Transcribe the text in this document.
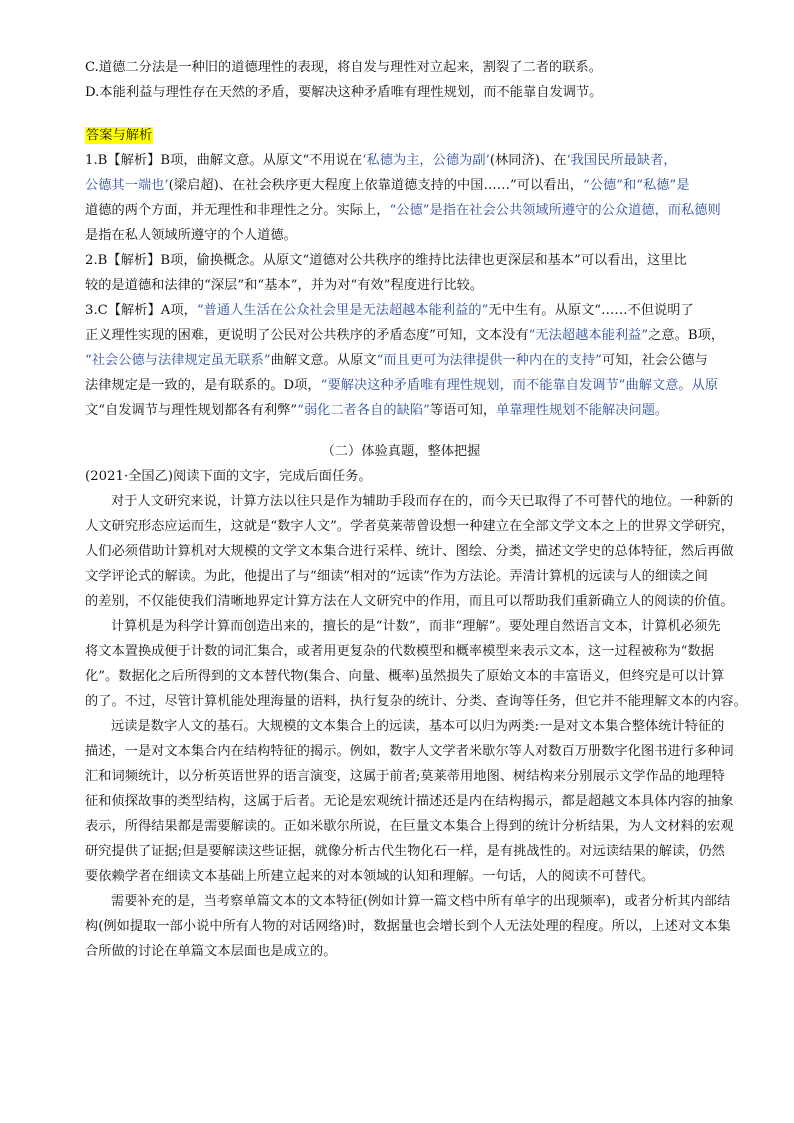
C.道德二分法是一种旧的道德理性的表现，将自发与理性对立起来，割裂了二者的联系。
D.本能利益与理性存在天然的矛盾，要解决这种矛盾唯有理性规划，而不能靠自发调节。
答案与解析
1.B【解析】B项，曲解文意。从原文“不用说在‘私德为主，公德为副’(林同济)、在‘我国民所最缺者，
公德其一端也’(梁启超)、在社会秩序更大程度上依靠道德支持的中国……”可以看出，“公德”和“私德”是
道德的两个方面，并无理性和非理性之分。实际上，“公德”是指在社会公共领域所遵守的公众道德，而私德则
是指在私人领域所遵守的个人道德。
2.B【解析】B项，偷换概念。从原文“道德对公共秩序的维持比法律也更深层和基本”可以看出，这里比
较的是道德和法律的“深层”和“基本”，并为对“有效”程度进行比较。
3.C【解析】A项，“普通人生活在公众社会里是无法超越本能利益的”无中生有。从原文“……不但说明了
正义理性实现的困难，更说明了公民对公共秩序的矛盾态度”可知，文本没有“无法超越本能利益”之意。B项，
“社会公德与法律规定虽无联系”曲解文意。从原文“而且更可为法律提供一种内在的支持”可知，社会公德与
法律规定是一致的，是有联系的。D项，“要解决这种矛盾唯有理性规划，而不能靠自发调节”曲解文意。从原
文“自发调节与理性规划都各有利弊”“弱化二者各自的缺陷”等语可知，单靠理性规划不能解决问题。
（二）体验真题，整体把握
(2021·全国乙)阅读下面的文字，完成后面任务。
对于人文研究来说，计算方法以往只是作为辅助手段而存在的，而今天已取得了不可替代的地位。一种新的
人文研究形态应运而生，这就是“数字人文”。学者莫莱蒂曾设想一种建立在全部文学文本之上的世界文学研究，
人们必须借助计算机对大规模的文学文本集合进行采样、统计、图绘、分类，描述文学史的总体特征，然后再做
文学评论式的解读。为此，他提出了与“细读”相对的“远读”作为方法论。弄清计算机的远读与人的细读之间
的差别，不仅能使我们清晰地界定计算方法在人文研究中的作用，而且可以帮助我们重新确立人的阅读的价值。
计算机是为科学计算而创造出来的，擅长的是“计数”，而非“理解”。要处理自然语言文本，计算机必须先
将文本置换成便于计数的词汇集合，或者用更复杂的代数模型和概率模型来表示文本，这一过程被称为“数据
化”。数据化之后所得到的文本替代物(集合、向量、概率)虽然损失了原始文本的丰富语义，但终究是可以计算
的了。不过，尽管计算机能处理海量的语料，执行复杂的统计、分类、查询等任务，但它并不能理解文本的内容。
远读是数字人文的基石。大规模的文本集合上的远读，基本可以归为两类:一是对文本集合整体统计特征的
描述，一是对文本集合内在结构特征的揭示。例如，数字人文学者米歇尔等人对数百万册数字化图书进行多种词
汇和词频统计，以分析英语世界的语言演变，这属于前者;莫莱蒂用地图、树结构来分别展示文学作品的地理特
征和侦探故事的类型结构，这属于后者。无论是宏观统计描述还是内在结构揭示，都是超越文本具体内容的抽象
表示，所得结果都是需要解读的。正如米歇尔所说，在巨量文本集合上得到的统计分析结果，为人文材料的宏观
研究提供了证据;但是要解读这些证据，就像分析古代生物化石一样，是有挑战性的。对远读结果的解读，仍然
要依赖学者在细读文本基础上所建立起来的对本领域的认知和理解。一句话，人的阅读不可替代。
需要补充的是，当考察单篇文本的文本特征(例如计算一篇文档中所有单字的出现频率)，或者分析其内部结
构(例如提取一部小说中所有人物的对话网络)时，数据量也会增长到个人无法处理的程度。所以，上述对文本集
合所做的讨论在单篇文本层面也是成立的。
